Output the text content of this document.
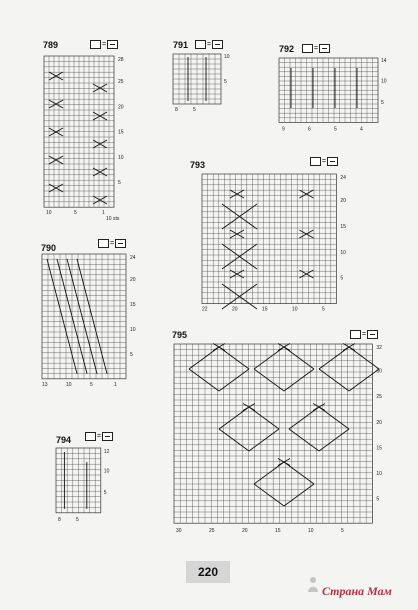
789	=
28
25
20
15
10
5
10	5	1
10 sts
791	=
10
5
8	5
792	=
14
10
5
9	6	5	4
793	=
24
20
15
10
5
22	20	15	10	5
790	=
24
20
15
10
5
13	10	5	1
795	=
32
30
25
20
15
10
5
30	25	20	15	10	5
794	=
12
10
5
8	5
220
Страна Мам
